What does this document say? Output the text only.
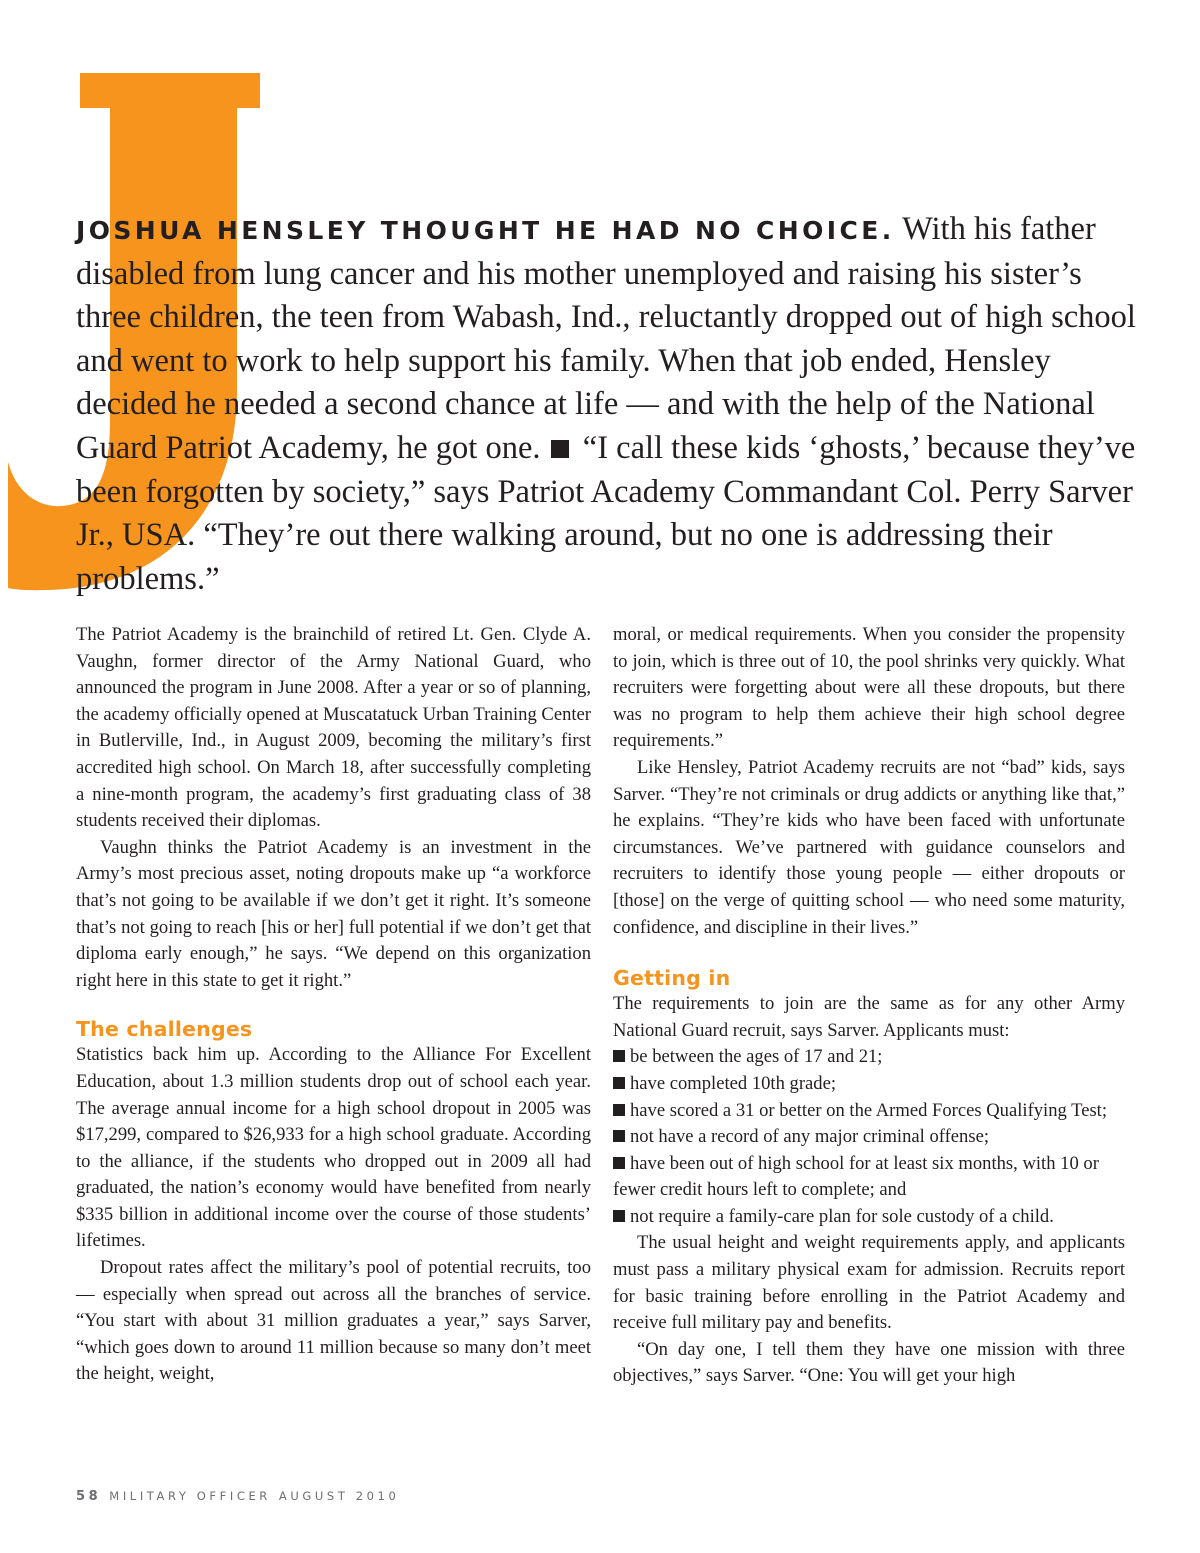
JOSHUA HENSLEY THOUGHT HE HAD NO CHOICE. With his father disabled from lung cancer and his mother unemployed and raising his sister’s three children, the teen from Wabash, Ind., reluctantly dropped out of high school and went to work to help support his family. When that job ended, Hensley decided he needed a second chance at life — and with the help of the National Guard Patriot Academy, he got one. “I call these kids ‘ghosts,’ because they’ve been forgotten by society,” says Patriot Academy Commandant Col. Perry Sarver Jr., USA. “They’re out there walking around, but no one is addressing their problems.”

The Patriot Academy is the brainchild of retired Lt. Gen. Clyde A. Vaughn, former director of the Army National Guard, who announced the program in June 2008. After a year or so of planning, the academy officially opened at Muscatatuck Urban Training Center in Butlerville, Ind., in August 2009, becoming the military’s first accredited high school. On March 18, after successfully completing a nine-month program, the academy’s first graduating class of 38 students received their diplomas.

Vaughn thinks the Patriot Academy is an investment in the Army’s most precious asset, noting dropouts make up “a workforce that’s not going to be available if we don’t get it right. It’s someone that’s not going to reach [his or her] full potential if we don’t get that diploma early enough,” he says. “We depend on this organization right here in this state to get it right.”

The challenges

Statistics back him up. According to the Alliance For Excellent Education, about 1.3 million students drop out of school each year. The average annual income for a high school dropout in 2005 was $17,299, compared to $26,933 for a high school graduate. According to the alliance, if the students who dropped out in 2009 all had graduated, the nation’s economy would have benefited from nearly $335 billion in additional income over the course of those students’ lifetimes.

Dropout rates affect the military’s pool of potential recruits, too — especially when spread out across all the branches of service. “You start with about 31 million graduates a year,” says Sarver, “which goes down to around 11 million because so many don’t meet the height, weight,

moral, or medical requirements. When you consider the propensity to join, which is three out of 10, the pool shrinks very quickly. What recruiters were forgetting about were all these dropouts, but there was no program to help them achieve their high school degree requirements.”

Like Hensley, Patriot Academy recruits are not “bad” kids, says Sarver. “They’re not criminals or drug addicts or anything like that,” he explains. “They’re kids who have been faced with unfortunate circumstances. We’ve partnered with guidance counselors and recruiters to identify those young people — either dropouts or [those] on the verge of quitting school — who need some maturity, confidence, and discipline in their lives.”

Getting in

The requirements to join are the same as for any other Army National Guard recruit, says Sarver. Applicants must:

be between the ages of 17 and 21;
have completed 10th grade;
have scored a 31 or better on the Armed Forces Qualifying Test;
not have a record of any major criminal offense;
have been out of high school for at least six months, with 10 or fewer credit hours left to complete; and
not require a family-care plan for sole custody of a child.

The usual height and weight requirements apply, and applicants must pass a military physical exam for admission. Recruits report for basic training before enrolling in the Patriot Academy and receive full military pay and benefits.

“On day one, I tell them they have one mission with three objectives,” says Sarver. “One: You will get your high

58 MILITARY OFFICER AUGUST 2010
